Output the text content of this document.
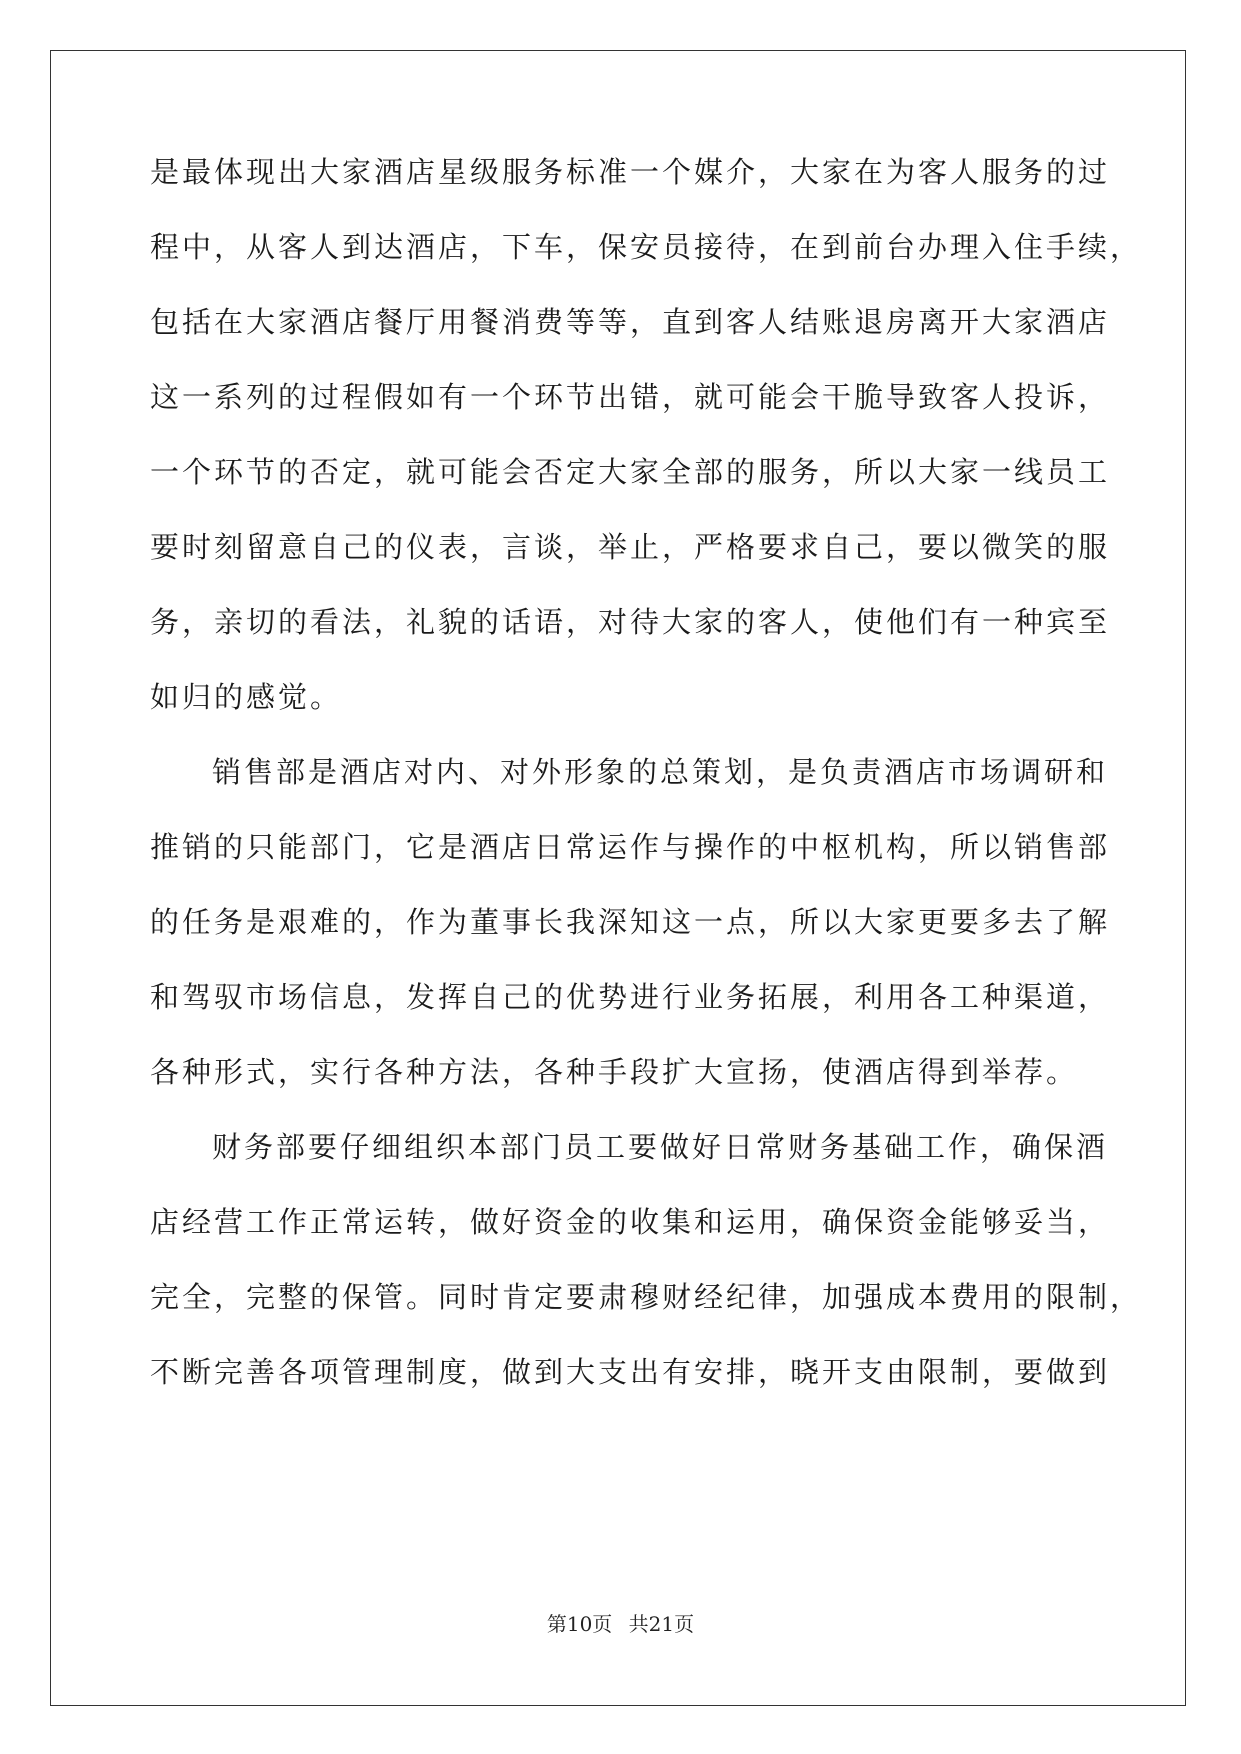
是最体现出大家酒店星级服务标准一个媒介，大家在为客人服务的过
程中，从客人到达酒店，下车，保安员接待，在到前台办理入住手续，
包括在大家酒店餐厅用餐消费等等，直到客人结账退房离开大家酒店
这一系列的过程假如有一个环节出错，就可能会干脆导致客人投诉，
一个环节的否定，就可能会否定大家全部的服务，所以大家一线员工
要时刻留意自己的仪表，言谈，举止，严格要求自己，要以微笑的服
务，亲切的看法，礼貌的话语，对待大家的客人，使他们有一种宾至
如归的感觉。
销售部是酒店对内、对外形象的总策划，是负责酒店市场调研和
推销的只能部门，它是酒店日常运作与操作的中枢机构，所以销售部
的任务是艰难的，作为董事长我深知这一点，所以大家更要多去了解
和驾驭市场信息，发挥自己的优势进行业务拓展，利用各工种渠道，
各种形式，实行各种方法，各种手段扩大宣扬，使酒店得到举荐。
财务部要仔细组织本部门员工要做好日常财务基础工作，确保酒
店经营工作正常运转，做好资金的收集和运用，确保资金能够妥当，
完全，完整的保管。同时肯定要肃穆财经纪律，加强成本费用的限制，
不断完善各项管理制度，做到大支出有安排，晓开支由限制，要做到
第10页 共21页
